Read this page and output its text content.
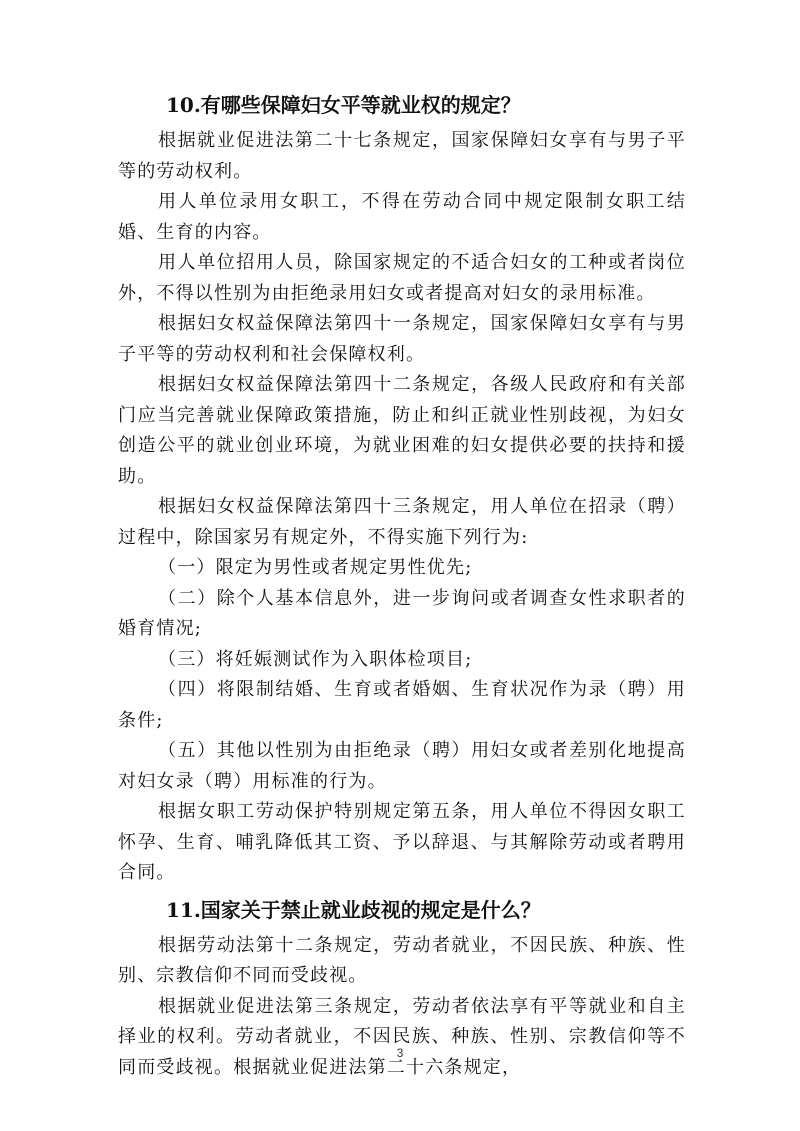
10.有哪些保障妇女平等就业权的规定？

根据就业促进法第二十七条规定，国家保障妇女享有与男子平等的劳动权利。

用人单位录用女职工，不得在劳动合同中规定限制女职工结婚、生育的内容。

用人单位招用人员，除国家规定的不适合妇女的工种或者岗位外，不得以性别为由拒绝录用妇女或者提高对妇女的录用标准。

根据妇女权益保障法第四十一条规定，国家保障妇女享有与男子平等的劳动权利和社会保障权利。

根据妇女权益保障法第四十二条规定，各级人民政府和有关部门应当完善就业保障政策措施，防止和纠正就业性别歧视，为妇女创造公平的就业创业环境，为就业困难的妇女提供必要的扶持和援助。

根据妇女权益保障法第四十三条规定，用人单位在招录（聘）过程中，除国家另有规定外，不得实施下列行为:

（一）限定为男性或者规定男性优先;

（二）除个人基本信息外，进一步询问或者调查女性求职者的婚育情况;

（三）将妊娠测试作为入职体检项目;

（四）将限制结婚、生育或者婚姻、生育状况作为录（聘）用条件;

（五）其他以性别为由拒绝录（聘）用妇女或者差别化地提高对妇女录（聘）用标准的行为。

根据女职工劳动保护特别规定第五条，用人单位不得因女职工怀孕、生育、哺乳降低其工资、予以辞退、与其解除劳动或者聘用合同。

11.国家关于禁止就业歧视的规定是什么？

根据劳动法第十二条规定，劳动者就业，不因民族、种族、性别、宗教信仰不同而受歧视。

根据就业促进法第三条规定，劳动者依法享有平等就业和自主择业的权利。劳动者就业，不因民族、种族、性别、宗教信仰等不同而受歧视。根据就业促进法第二十六条规定，

3
